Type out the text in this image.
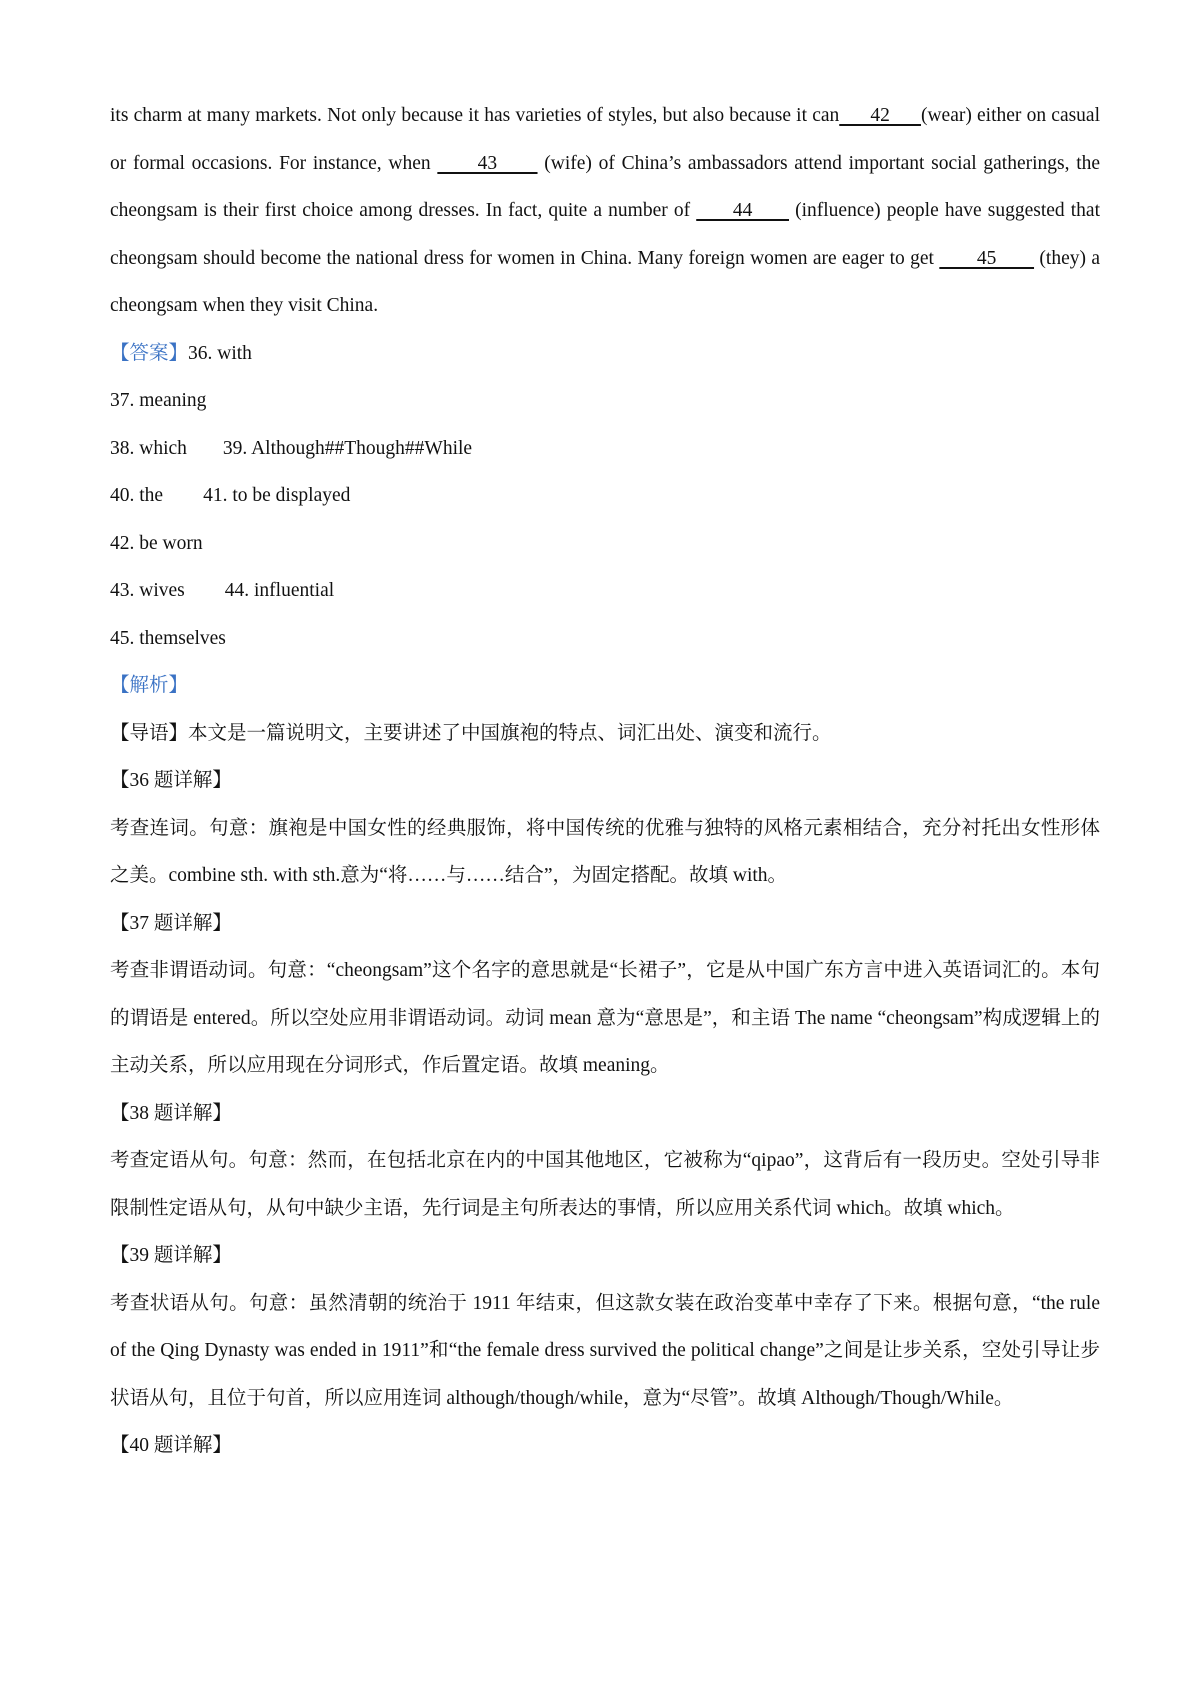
its charm at many markets. Not only because it has varieties of styles, but also because it can      42      (wear) either on casual or formal occasions. For instance, when       43       (wife) of China’s ambassadors attend important social gatherings, the cheongsam is their first choice among dresses. In fact, quite a number of       44       (influence) people have suggested that cheongsam should become the national dress for women in China. Many foreign women are eager to get        45        (they) a cheongsam when they visit China.

【答案】36. with

37. meaning

38. which 39. Although##Though##While

40. the 41. to be displayed

42. be worn

43. wives 44. influential

45. themselves

【解析】

【导语】本文是一篇说明文，主要讲述了中国旗袍的特点、词汇出处、演变和流行。

【36 题详解】

考查连词。句意：旗袍是中国女性的经典服饰，将中国传统的优雅与独特的风格元素相结合，充分衬托出女性形体之美。combine sth. with sth.意为“将……与……结合”，为固定搭配。故填 with。

【37 题详解】

考查非谓语动词。句意：“cheongsam”这个名字的意思就是“长裙子”，它是从中国广东方言中进入英语词汇的。本句的谓语是 entered。所以空处应用非谓语动词。动词 mean 意为“意思是”，和主语 The name “cheongsam”构成逻辑上的主动关系，所以应用现在分词形式，作后置定语。故填 meaning。

【38 题详解】

考查定语从句。句意：然而，在包括北京在内的中国其他地区，它被称为“qipao”，这背后有一段历史。空处引导非限制性定语从句，从句中缺少主语，先行词是主句所表达的事情，所以应用关系代词 which。故填 which。

【39 题详解】

考查状语从句。句意：虽然清朝的统治于 1911 年结束，但这款女装在政治变革中幸存了下来。根据句意，“the rule of the Qing Dynasty was ended in 1911”和“the female dress survived the political change”之间是让步关系，空处引导让步状语从句，且位于句首，所以应用连词 although/though/while，意为“尽管”。故填 Although/Though/While。

【40 题详解】
